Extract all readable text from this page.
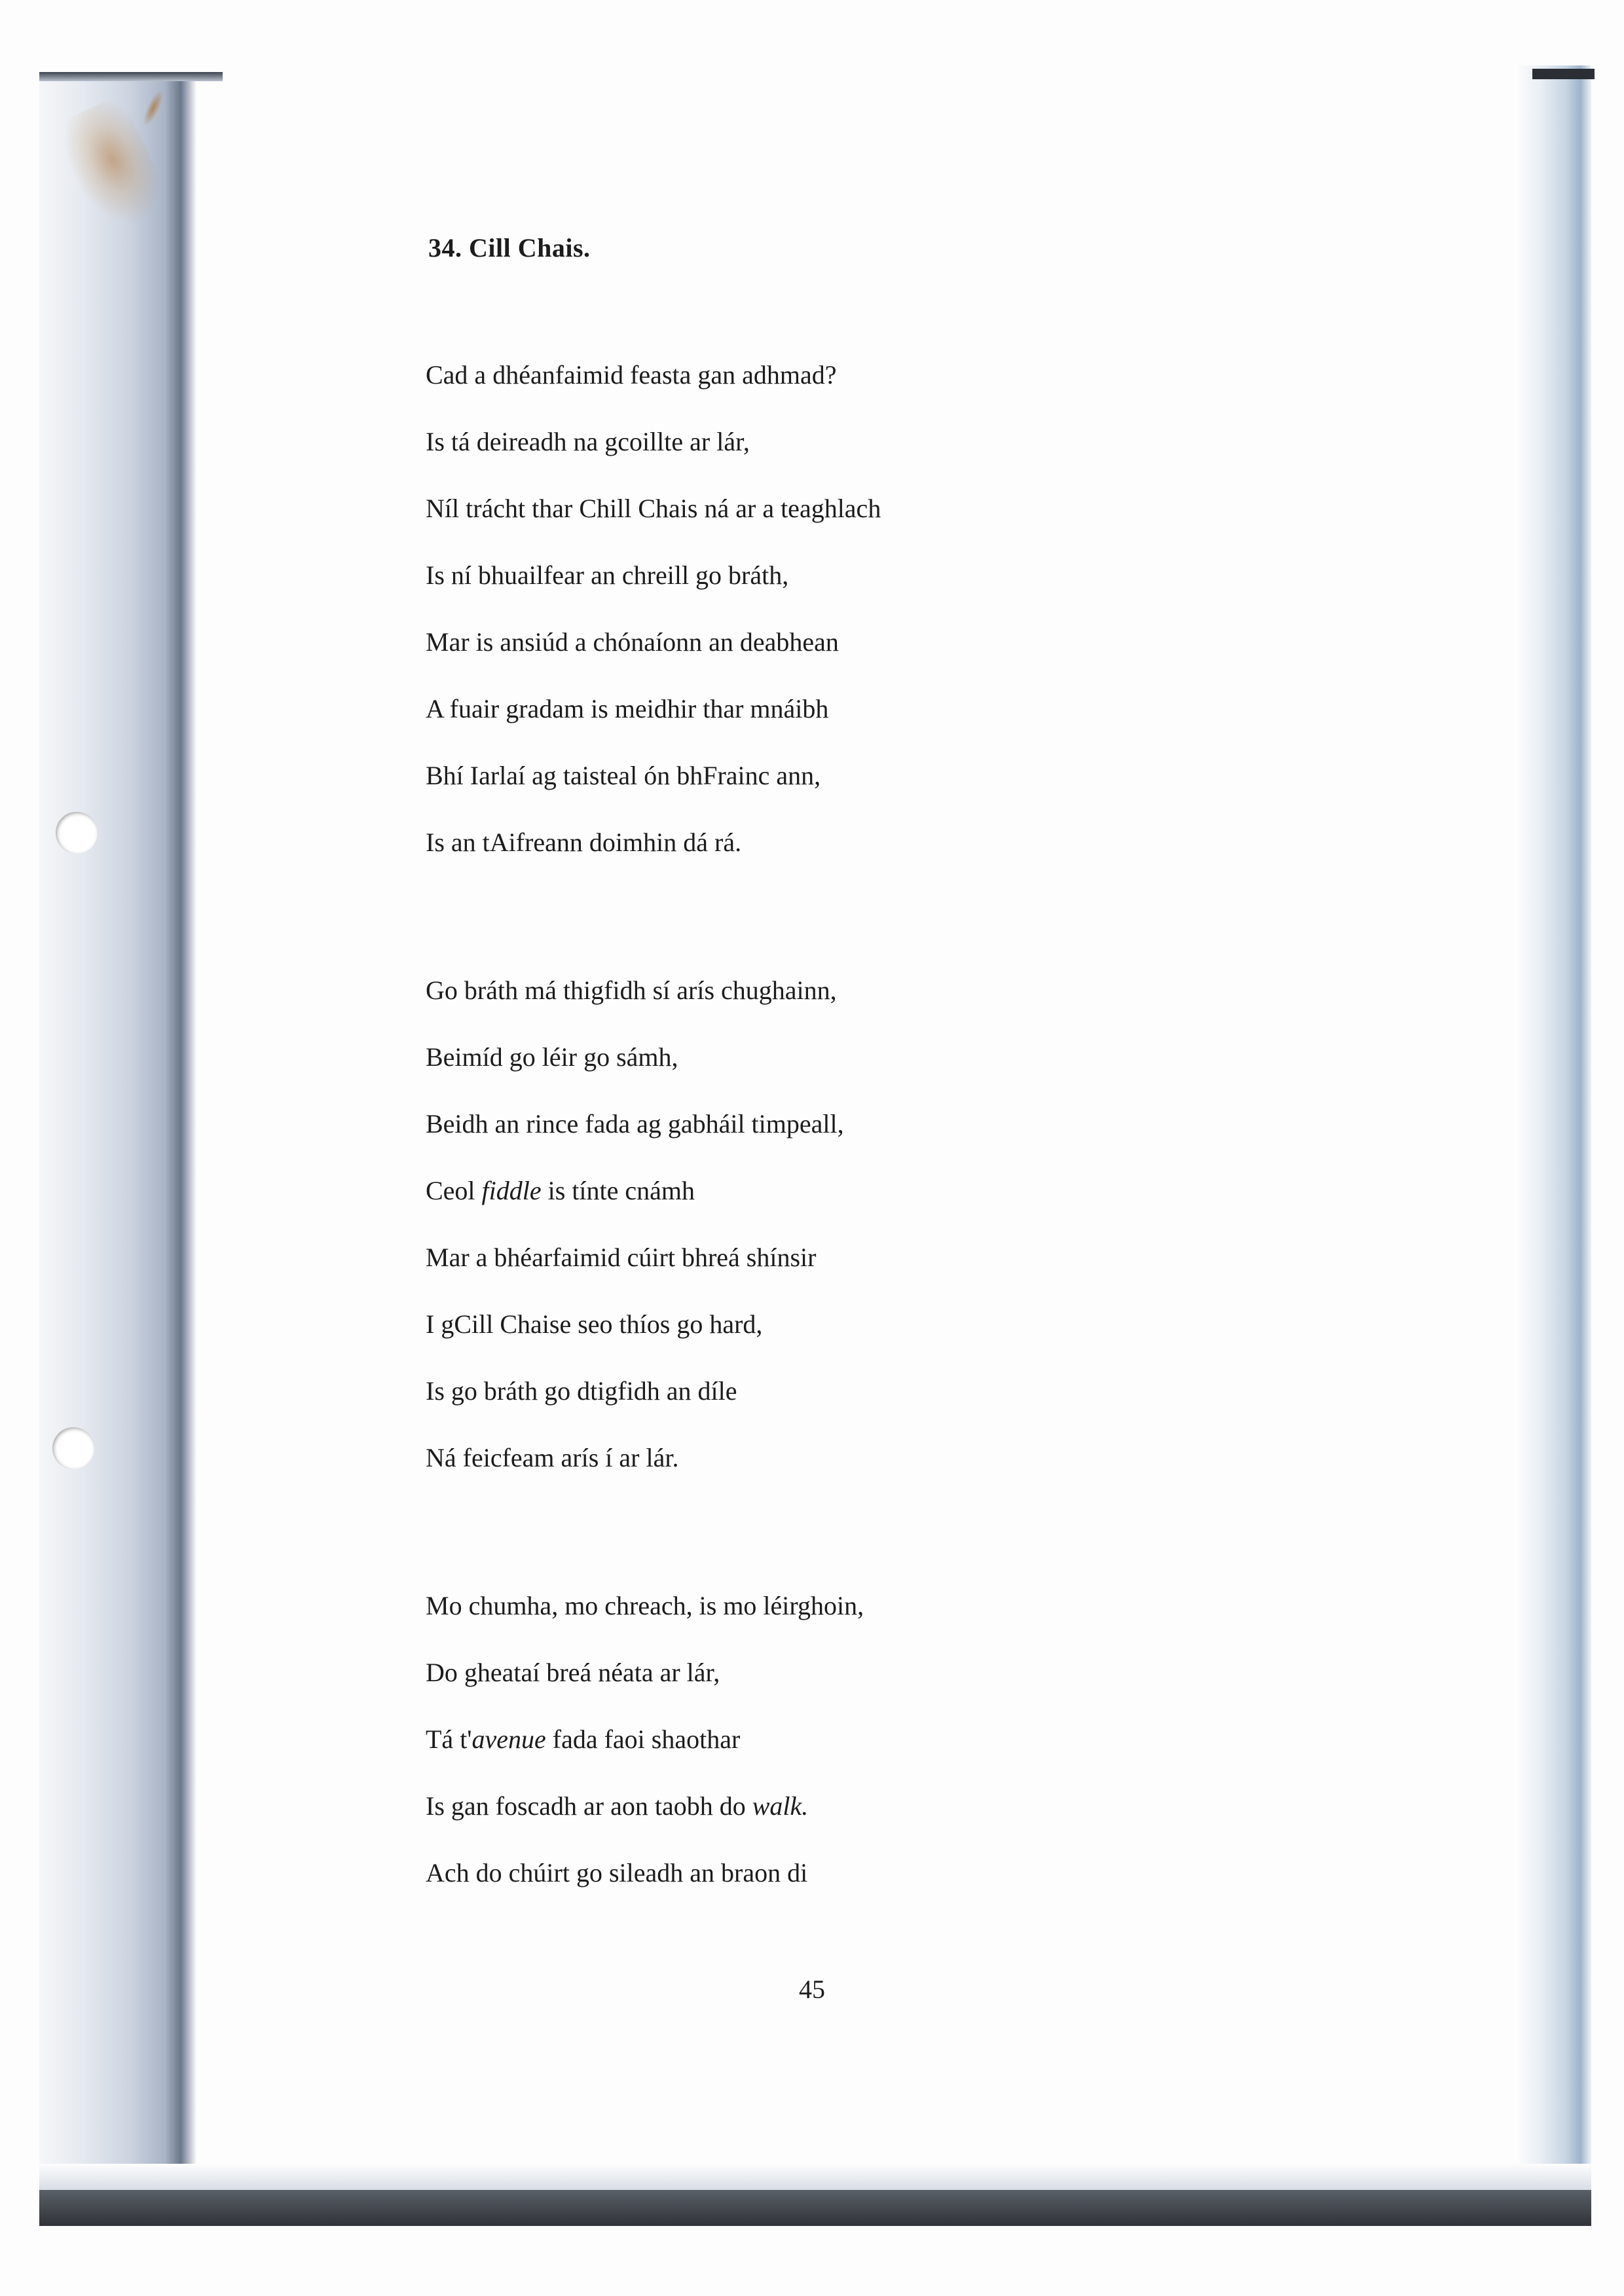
34. Cill Chais.
Cad a dhéanfaimid feasta gan adhmad?
Is tá deireadh na gcoillte ar lár,
Níl trácht thar Chill Chais ná ar a teaghlach
Is ní bhuailfear an chreill go bráth,
Mar is ansiúd a chónaíonn an deabhean
A fuair gradam is meidhir thar mnáibh
Bhí Iarlaí ag taisteal ón bhFrainc ann,
Is an tAifreann doimhin dá rá.
Go bráth má thigfidh sí arís chughainn,
Beimíd go léir go sámh,
Beidh an rince fada ag gabháil timpeall,
Ceol fiddle is tínte cnámh
Mar a bhéarfaimid cúirt bhreá shínsir
I gCill Chaise seo thíos go hard,
Is go bráth go dtigfidh an díle
Ná feicfeam arís í ar lár.
Mo chumha, mo chreach, is mo léirghoin,
Do gheataí breá néata ar lár,
Tá t'avenue fada faoi shaothar
Is gan foscadh ar aon taobh do walk.
Ach do chúirt go sileadh an braon di
45
